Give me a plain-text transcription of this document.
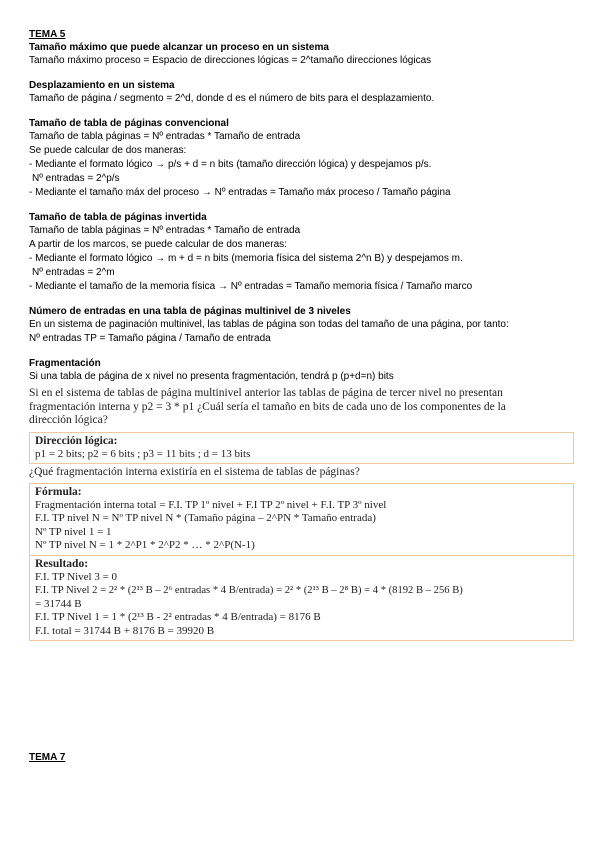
TEMA 5
Tamaño máximo que puede alcanzar un proceso en un sistema
Tamaño máximo proceso = Espacio de direcciones lógicas = 2^tamaño direcciones lógicas
Desplazamiento en un sistema
Tamaño de página / segmento = 2^d, donde d es el número de bits para el desplazamiento.
Tamaño de tabla de páginas convencional
Tamaño de tabla páginas = Nº entradas * Tamaño de entrada
Se puede calcular de dos maneras:
- Mediante el formato lógico → p/s + d = n bits (tamaño dirección lógica) y despejamos p/s.
Nº entradas = 2^p/s
- Mediante el tamaño máx del proceso → Nº entradas = Tamaño máx proceso / Tamaño página
Tamaño de tabla de páginas invertida
Tamaño de tabla páginas = Nº entradas * Tamaño de entrada
A partir de los marcos, se puede calcular de dos maneras:
- Mediante el formato lógico → m + d = n bits (memoria física del sistema 2^n B) y despejamos m.
Nº entradas = 2^m
- Mediante el tamaño de la memoria física → Nº entradas = Tamaño memoria física / Tamaño marco
Número de entradas en una tabla de páginas multinivel de 3 niveles
En un sistema de paginación multinivel, las tablas de página son todas del tamaño de una página, por tanto:
Nº entradas TP = Tamaño página / Tamaño de entrada
Fragmentación
Si una tabla de página de x nivel no presenta fragmentación, tendrá p (p+d=n) bits
Si en el sistema de tablas de página multinivel anterior las tablas de página de tercer nivel no presentan
fragmentación interna y p2 = 3 * p1 ¿Cuál sería el tamaño en bits de cada uno de los componentes de la
dirección lógica?
Dirección lógica:
p1 = 2 bits; p2 = 6 bits ; p3 = 11 bits ; d = 13 bits
¿Qué fragmentación interna existiría en el sistema de tablas de páginas?
Fórmula:
Fragmentación interna total = F.I. TP 1º nivel + F.I TP 2º nivel + F.I. TP 3º nivel
F.I. TP nivel N = Nº TP nivel N * (Tamaño página – 2^PN * Tamaño entrada)
Nº TP nivel 1 = 1
Nº TP nivel N = 1 * 2^P1 * 2^P2 * … * 2^P(N-1)
Resultado:
F.I. TP Nivel 3 = 0
F.I. TP Nivel 2 = 2² * (2¹³ B – 2⁶ entradas * 4 B/entrada) = 2² * (2¹³ B – 2⁸ B) = 4 * (8192 B – 256 B)
= 31744 B
F.I. TP Nivel 1 = 1 * (2¹³ B - 2² entradas * 4 B/entrada) = 8176 B
F.I. total = 31744 B + 8176 B = 39920 B
TEMA 7
